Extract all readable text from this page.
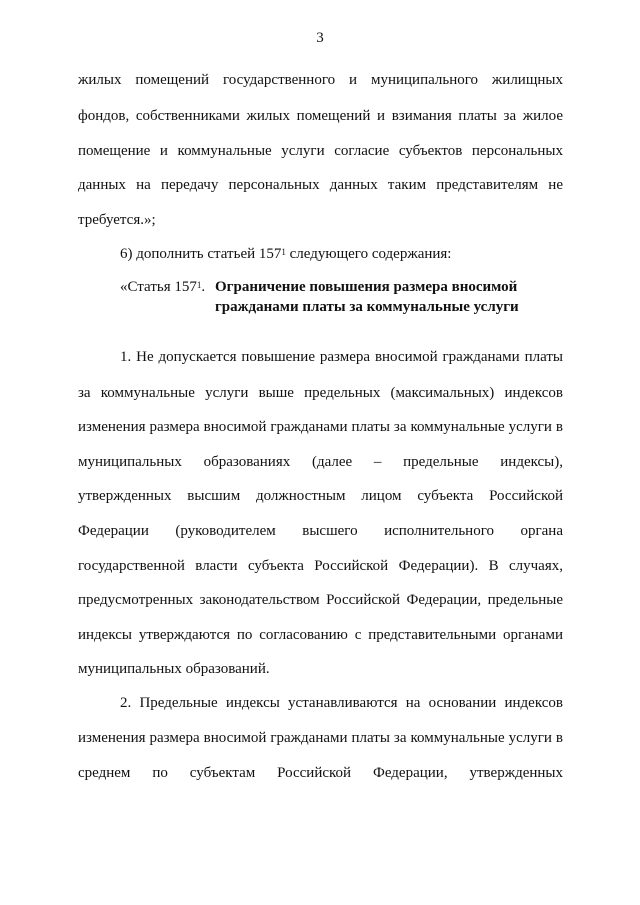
3
жилых помещений государственного и муниципального жилищных
фондов, собственниками жилых помещений и взимания платы за жилое
помещение и коммунальные услуги согласие субъектов персональных
данных на передачу персональных данных таким представителям не
требуется.»;
6) дополнить статьей $157^1$ следующего содержания:
«Статья $157^1$. Ограничение повышения размера вносимой
гражданами платы за коммунальные услуги
1. Не допускается повышение размера вносимой гражданами платы
за коммунальные услуги выше предельных (максимальных) индексов
изменения размера вносимой гражданами платы за коммунальные услуги в
муниципальных образованиях (далее – предельные индексы),
утвержденных высшим должностным лицом субъекта Российской
Федерации (руководителем высшего исполнительного органа
государственной власти субъекта Российской Федерации). В случаях,
предусмотренных законодательством Российской Федерации, предельные
индексы утверждаются по согласованию с представительными органами
муниципальных образований.
2. Предельные индексы устанавливаются на основании индексов
изменения размера вносимой гражданами платы за коммунальные услуги в
среднем по субъектам Российской Федерации, утвержденных
